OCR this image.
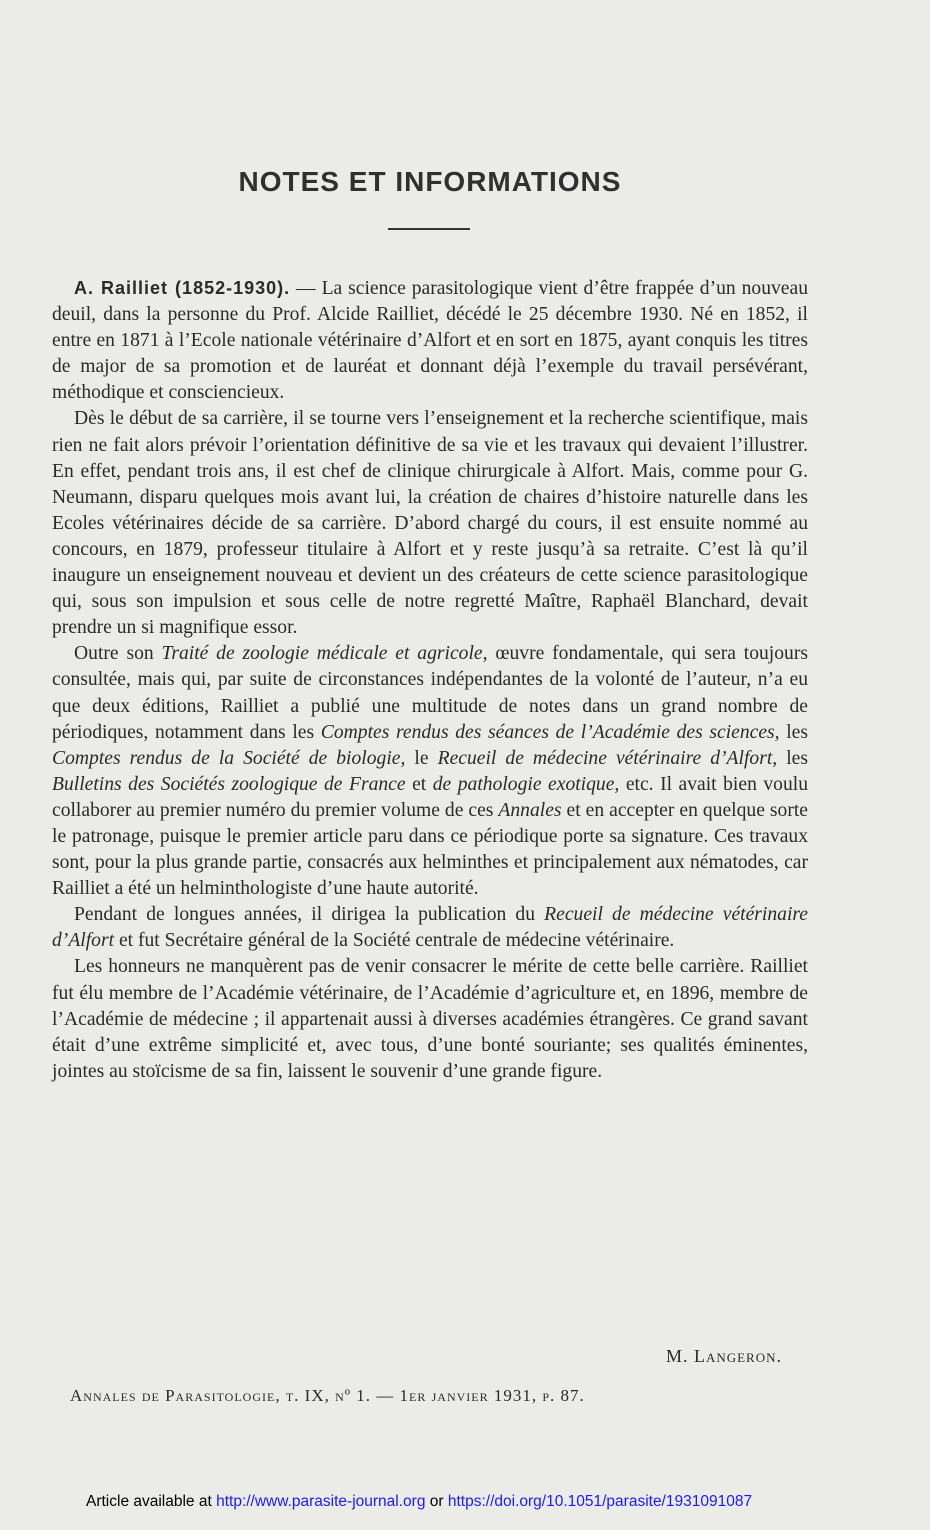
NOTES ET INFORMATIONS

A. Railliet (1852-1930). — La science parasitologique vient d’être frappée d’un nouveau deuil, dans la personne du Prof. Alcide Railliet, décédé le 25 décembre 1930. Né en 1852, il entre en 1871 à l’Ecole nationale vétérinaire d’Alfort et en sort en 1875, ayant conquis les titres de major de sa promotion et de lauréat et donnant déjà l’exemple du travail persévérant, méthodique et consciencieux.

Dès le début de sa carrière, il se tourne vers l’enseignement et la recherche scientifique, mais rien ne fait alors prévoir l’orientation définitive de sa vie et les travaux qui devaient l’illustrer. En effet, pendant trois ans, il est chef de clinique chirurgicale à Alfort. Mais, comme pour G. Neumann, disparu quelques mois avant lui, la création de chaires d’histoire naturelle dans les Ecoles vétérinaires décide de sa carrière. D’abord chargé du cours, il est ensuite nommé au concours, en 1879, professeur titulaire à Alfort et y reste jusqu’à sa retraite. C’est là qu’il inaugure un enseignement nouveau et devient un des créateurs de cette science parasitologique qui, sous son impulsion et sous celle de notre regretté Maître, Raphaël Blanchard, devait prendre un si magnifique essor.

Outre son Traité de zoologie médicale et agricole, œuvre fondamentale, qui sera toujours consultée, mais qui, par suite de circonstances indépendantes de la volonté de l’auteur, n’a eu que deux éditions, Railliet a publié une multitude de notes dans un grand nombre de périodiques, notamment dans les Comptes rendus des séances de l’Académie des sciences, les Comptes rendus de la Société de biologie, le Recueil de médecine vétérinaire d’Alfort, les Bulletins des Sociétés zoologique de France et de pathologie exotique, etc. Il avait bien voulu collaborer au premier numéro du premier volume de ces Annales et en accepter en quelque sorte le patronage, puisque le premier article paru dans ce périodique porte sa signature. Ces travaux sont, pour la plus grande partie, consacrés aux helminthes et principalement aux nématodes, car Railliet a été un helminthologiste d’une haute autorité.

Pendant de longues années, il dirigea la publication du Recueil de médecine vétérinaire d’Alfort et fut Secrétaire général de la Société centrale de médecine vétérinaire.

Les honneurs ne manquèrent pas de venir consacrer le mérite de cette belle carrière. Railliet fut élu membre de l’Académie vétérinaire, de l’Académie d’agriculture et, en 1896, membre de l’Académie de médecine ; il appartenait aussi à diverses académies étrangères. Ce grand savant était d’une extrême simplicité et, avec tous, d’une bonté souriante; ses qualités éminentes, jointes au stoïcisme de sa fin, laissent le souvenir d’une grande figure.

M. Langeron.
Annales de Parasitologie, t. IX, nº 1. — 1er janvier 1931, p. 87.
Article available at http://www.parasite-journal.org or https://doi.org/10.1051/parasite/1931091087
